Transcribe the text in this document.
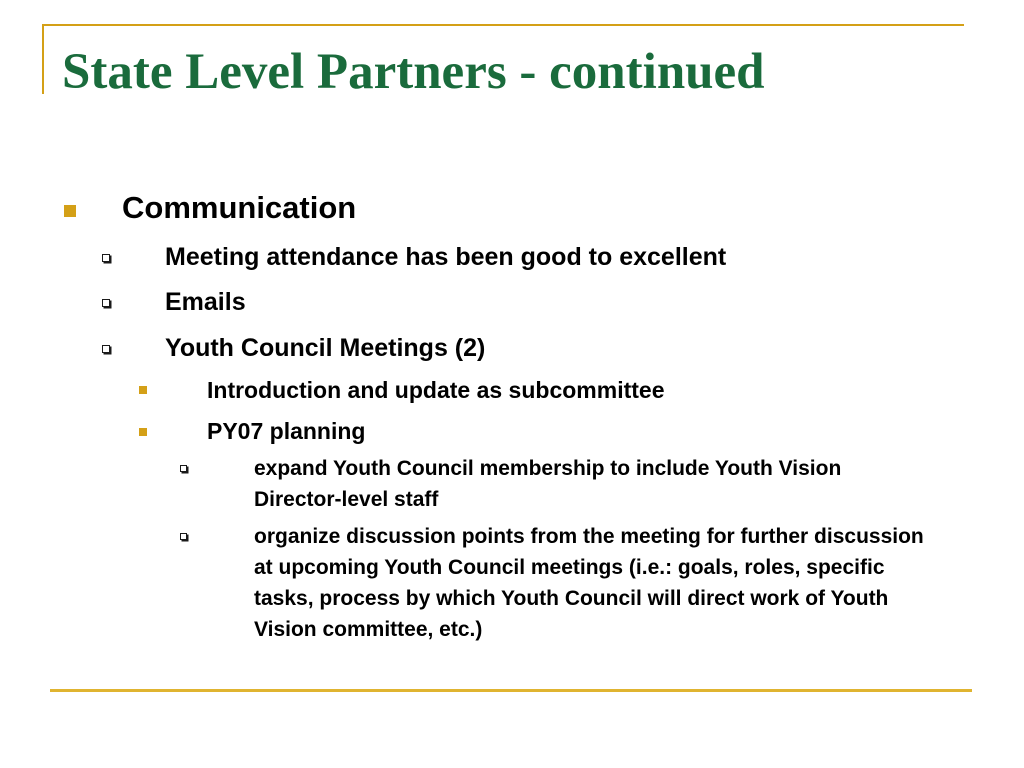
State Level Partners - continued
Communication
Meeting attendance has been good to excellent
Emails
Youth Council Meetings (2)
Introduction and update as subcommittee
PY07 planning
expand Youth Council membership to include Youth Vision   Director-level staff
organize discussion points from the meeting for further discussion at upcoming Youth Council meetings (i.e.: goals, roles, specific tasks, process by which Youth Council will direct work of Youth Vision committee, etc.)
